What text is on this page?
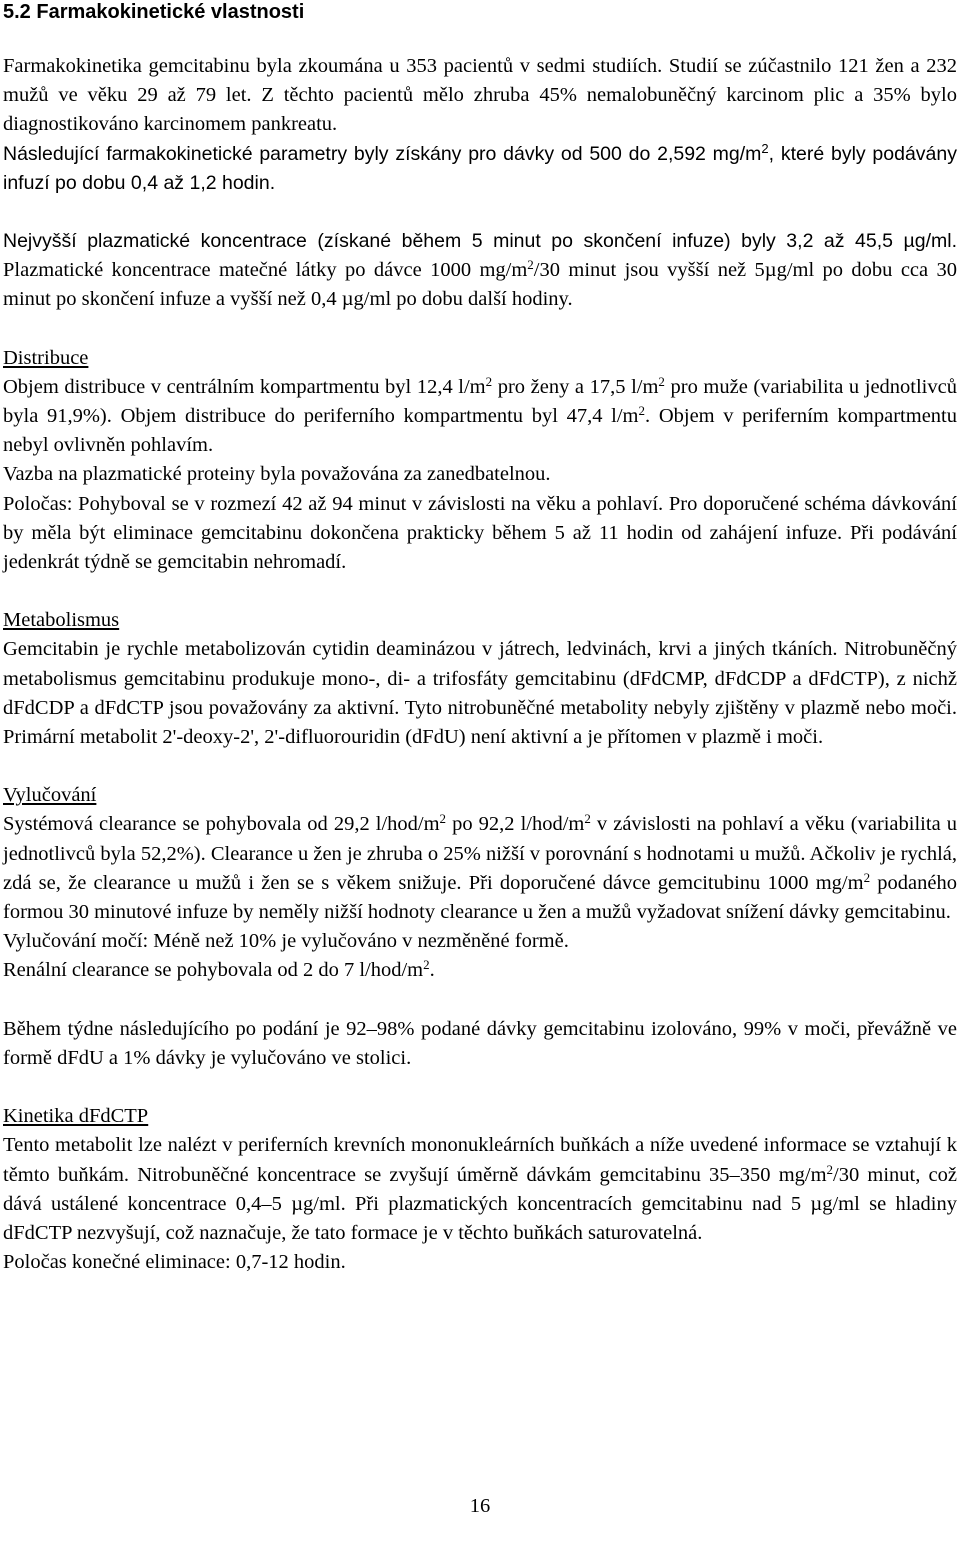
5.2 Farmakokinetické vlastnosti

Farmakokinetika gemcitabinu byla zkoumána u 353 pacientů v sedmi studiích. Studií se zúčastnilo 121 žen a 232 mužů ve věku 29 až 79 let. Z těchto pacientů mělo zhruba 45% nemalobuněčný karcinom plic a 35% bylo diagnostikováno karcinomem pankreatu.

Následující farmakokinetické parametry byly získány pro dávky od 500 do 2,592 $mg/m^2$, které byly podávány infuzí po dobu 0,4 až 1,2 hodin.

Nejvyšší plazmatické koncentrace (získané během 5 minut po skončení infuze) byly 3,2 až 45,5 µg/ml. Plazmatické koncentrace matečné látky po dávce 1000 $mg/m^2/30$ minut jsou vyšší než 5µg/ml po dobu cca 30 minut po skončení infuze a vyšší než 0,4 µg/ml po dobu další hodiny.

Distribuce

Objem distribuce v centrálním kompartmentu byl 12,4 $l/m^2$ pro ženy a 17,5 $l/m^2$ pro muže (variabilita u jednotlivců byla 91,9%). Objem distribuce do periferního kompartmentu byl 47,4 $l/m^2$. Objem v periferním kompartmentu nebyl ovlivněn pohlavím.

Vazba na plazmatické proteiny byla považována za zanedbatelnou.

Poločas: Pohyboval se v rozmezí 42 až 94 minut v závislosti na věku a pohlaví. Pro doporučené schéma dávkování by měla být eliminace gemcitabinu dokončena prakticky během 5 až 11 hodin od zahájení infuze. Při podávání jedenkrát týdně se gemcitabin nehromadí.

Metabolismus

Gemcitabin je rychle metabolizován cytidin deaminázou v játrech, ledvinách, krvi a jiných tkáních. Nitrobuněčný metabolismus gemcitabinu produkuje mono-, di- a trifosfáty gemcitabinu (dFdCMP, dFdCDP a dFdCTP), z nichž dFdCDP a dFdCTP jsou považovány za aktivní. Tyto nitrobuněčné metabolity nebyly zjištěny v plazmě nebo moči. Primární metabolit 2'-deoxy-2', 2'-difluorouridin (dFdU) není aktivní a je přítomen v plazmě i moči.

Vylučování

Systémová clearance se pohybovala od 29,2 $l/hod/m^2$ po 92,2 $l/hod/m^2$ v závislosti na pohlaví a věku (variabilita u jednotlivců byla 52,2%). Clearance u žen je zhruba o 25% nižší v porovnání s hodnotami u mužů. Ačkoliv je rychlá, zdá se, že clearance u mužů i žen se s věkem snižuje. Při doporučené dávce gemcitubinu 1000 $mg/m^2$ podaného formou 30 minutové infuze by neměly nižší hodnoty clearance u žen a mužů vyžadovat snížení dávky gemcitabinu.

Vylučování močí: Méně než 10% je vylučováno v nezměněné formě.

Renální clearance se pohybovala od 2 do 7 $l/hod/m^2$.

Během týdne následujícího po podání je 92–98% podané dávky gemcitabinu izolováno, 99% v moči, převážně ve formě dFdU a 1% dávky je vylučováno ve stolici.

Kinetika dFdCTP

Tento metabolit lze nalézt v periferních krevních mononukleárních buňkách a níže uvedené informace se vztahují k těmto buňkám. Nitrobuněčné koncentrace se zvyšují úměrně dávkám gemcitabinu 35–350 $mg/m^2/30$ minut, což dává ustálené koncentrace 0,4–5 µg/ml. Při plazmatických koncentracích gemcitabinu nad 5 µg/ml se hladiny dFdCTP nezvyšují, což naznačuje, že tato formace je v těchto buňkách saturovatelná.

Poločas konečné eliminace: 0,7-12 hodin.

16
